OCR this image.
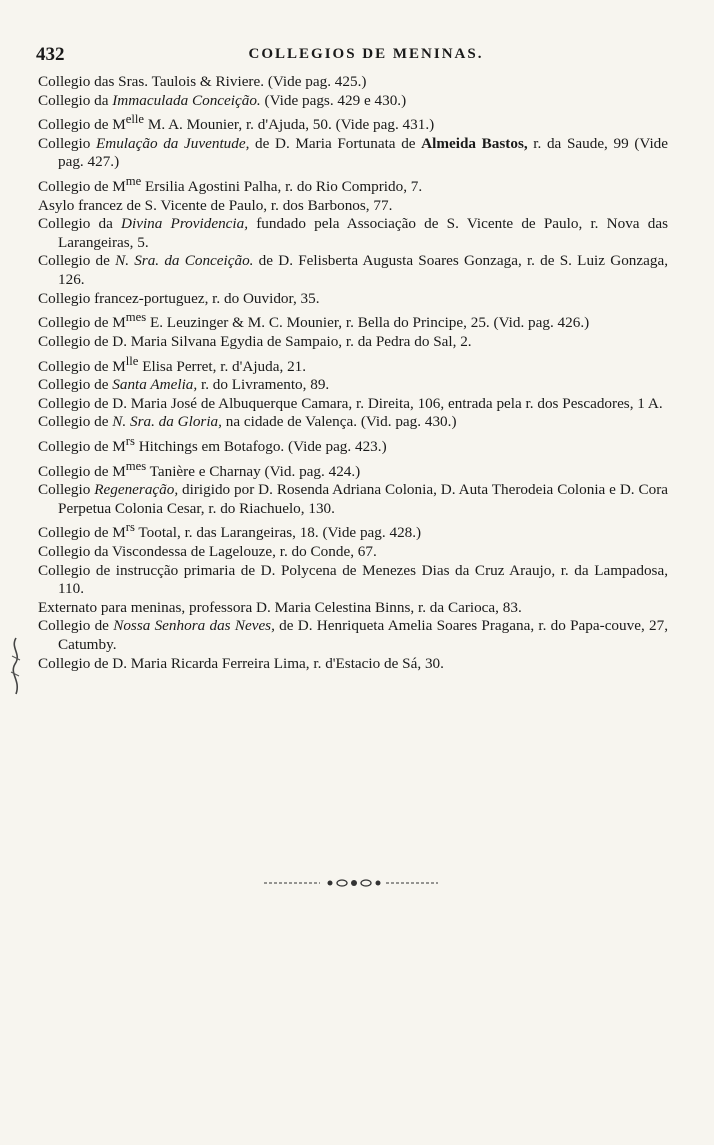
432	COLLEGIOS DE MENINAS.

Collegio das Sras. Taulois & Riviere. (Vide pag. 425.)

Collegio da Immaculada Conceição. (Vide pags. 429 e 430.)

Collegio de $M^{elle}$ M. A. Mounier, r. d'Ajuda, 50. (Vide pag. 431.)

Collegio Emulação da Juventude, de D. Maria Fortunata de Almeida Bastos, r. da Saude, 99 (Vide pag. 427.)

Collegio de $M^{me}$ Ersilia Agostini Palha, r. do Rio Comprido, 7.

Asylo francez de S. Vicente de Paulo, r. dos Barbonos, 77.

Collegio da Divina Providencia, fundado pela Associação de S. Vicente de Paulo, r. Nova das Larangeiras, 5.

Collegio de N. Sra. da Conceição. de D. Felisberta Augusta Soares Gonzaga, r. de S. Luiz Gonzaga, 126.

Collegio francez-portuguez, r. do Ouvidor, 35.

Collegio de $M^{mes}$ E. Leuzinger & M. C. Mounier, r. Bella do Principe, 25. (Vid. pag. 426.)

Collegio de D. Maria Silvana Egydia de Sampaio, r. da Pedra do Sal, 2.

Collegio de $M^{lle}$ Elisa Perret, r. d'Ajuda, 21.

Collegio de Santa Amelia, r. do Livramento, 89.

Collegio de D. Maria José de Albuquerque Camara, r. Direita, 106, entrada pela r. dos Pescadores, 1 A.

Collegio de N. Sra. da Gloria, na cidade de Valença. (Vid. pag. 430.)

Collegio de $M^{rs}$ Hitchings em Botafogo. (Vide pag. 423.)

Collegio de $M^{mes}$ Tanière e Charnay (Vid. pag. 424.)

Collegio Regeneração, dirigido por D. Rosenda Adriana Colonia, D. Auta Therodeia Colonia e D. Cora Perpetua Colonia Cesar, r. do Riachuelo, 130.

Collegio de $M^{rs}$ Tootal, r. das Larangeiras, 18. (Vide pag. 428.)

Collegio da Viscondessa de Lagelouze, r. do Conde, 67.

Collegio de instrucção primaria de D. Polycena de Menezes Dias da Cruz Araujo, r. da Lampadosa, 110.

Externato para meninas, professora D. Maria Celestina Binns, r. da Carioca, 83.

Collegio de Nossa Senhora das Neves, de D. Henriqueta Amelia Soares Pragana, r. do Papa-couve, 27, Catumby.

Collegio de D. Maria Ricarda Ferreira Lima, r. d'Estacio de Sá, 30.
